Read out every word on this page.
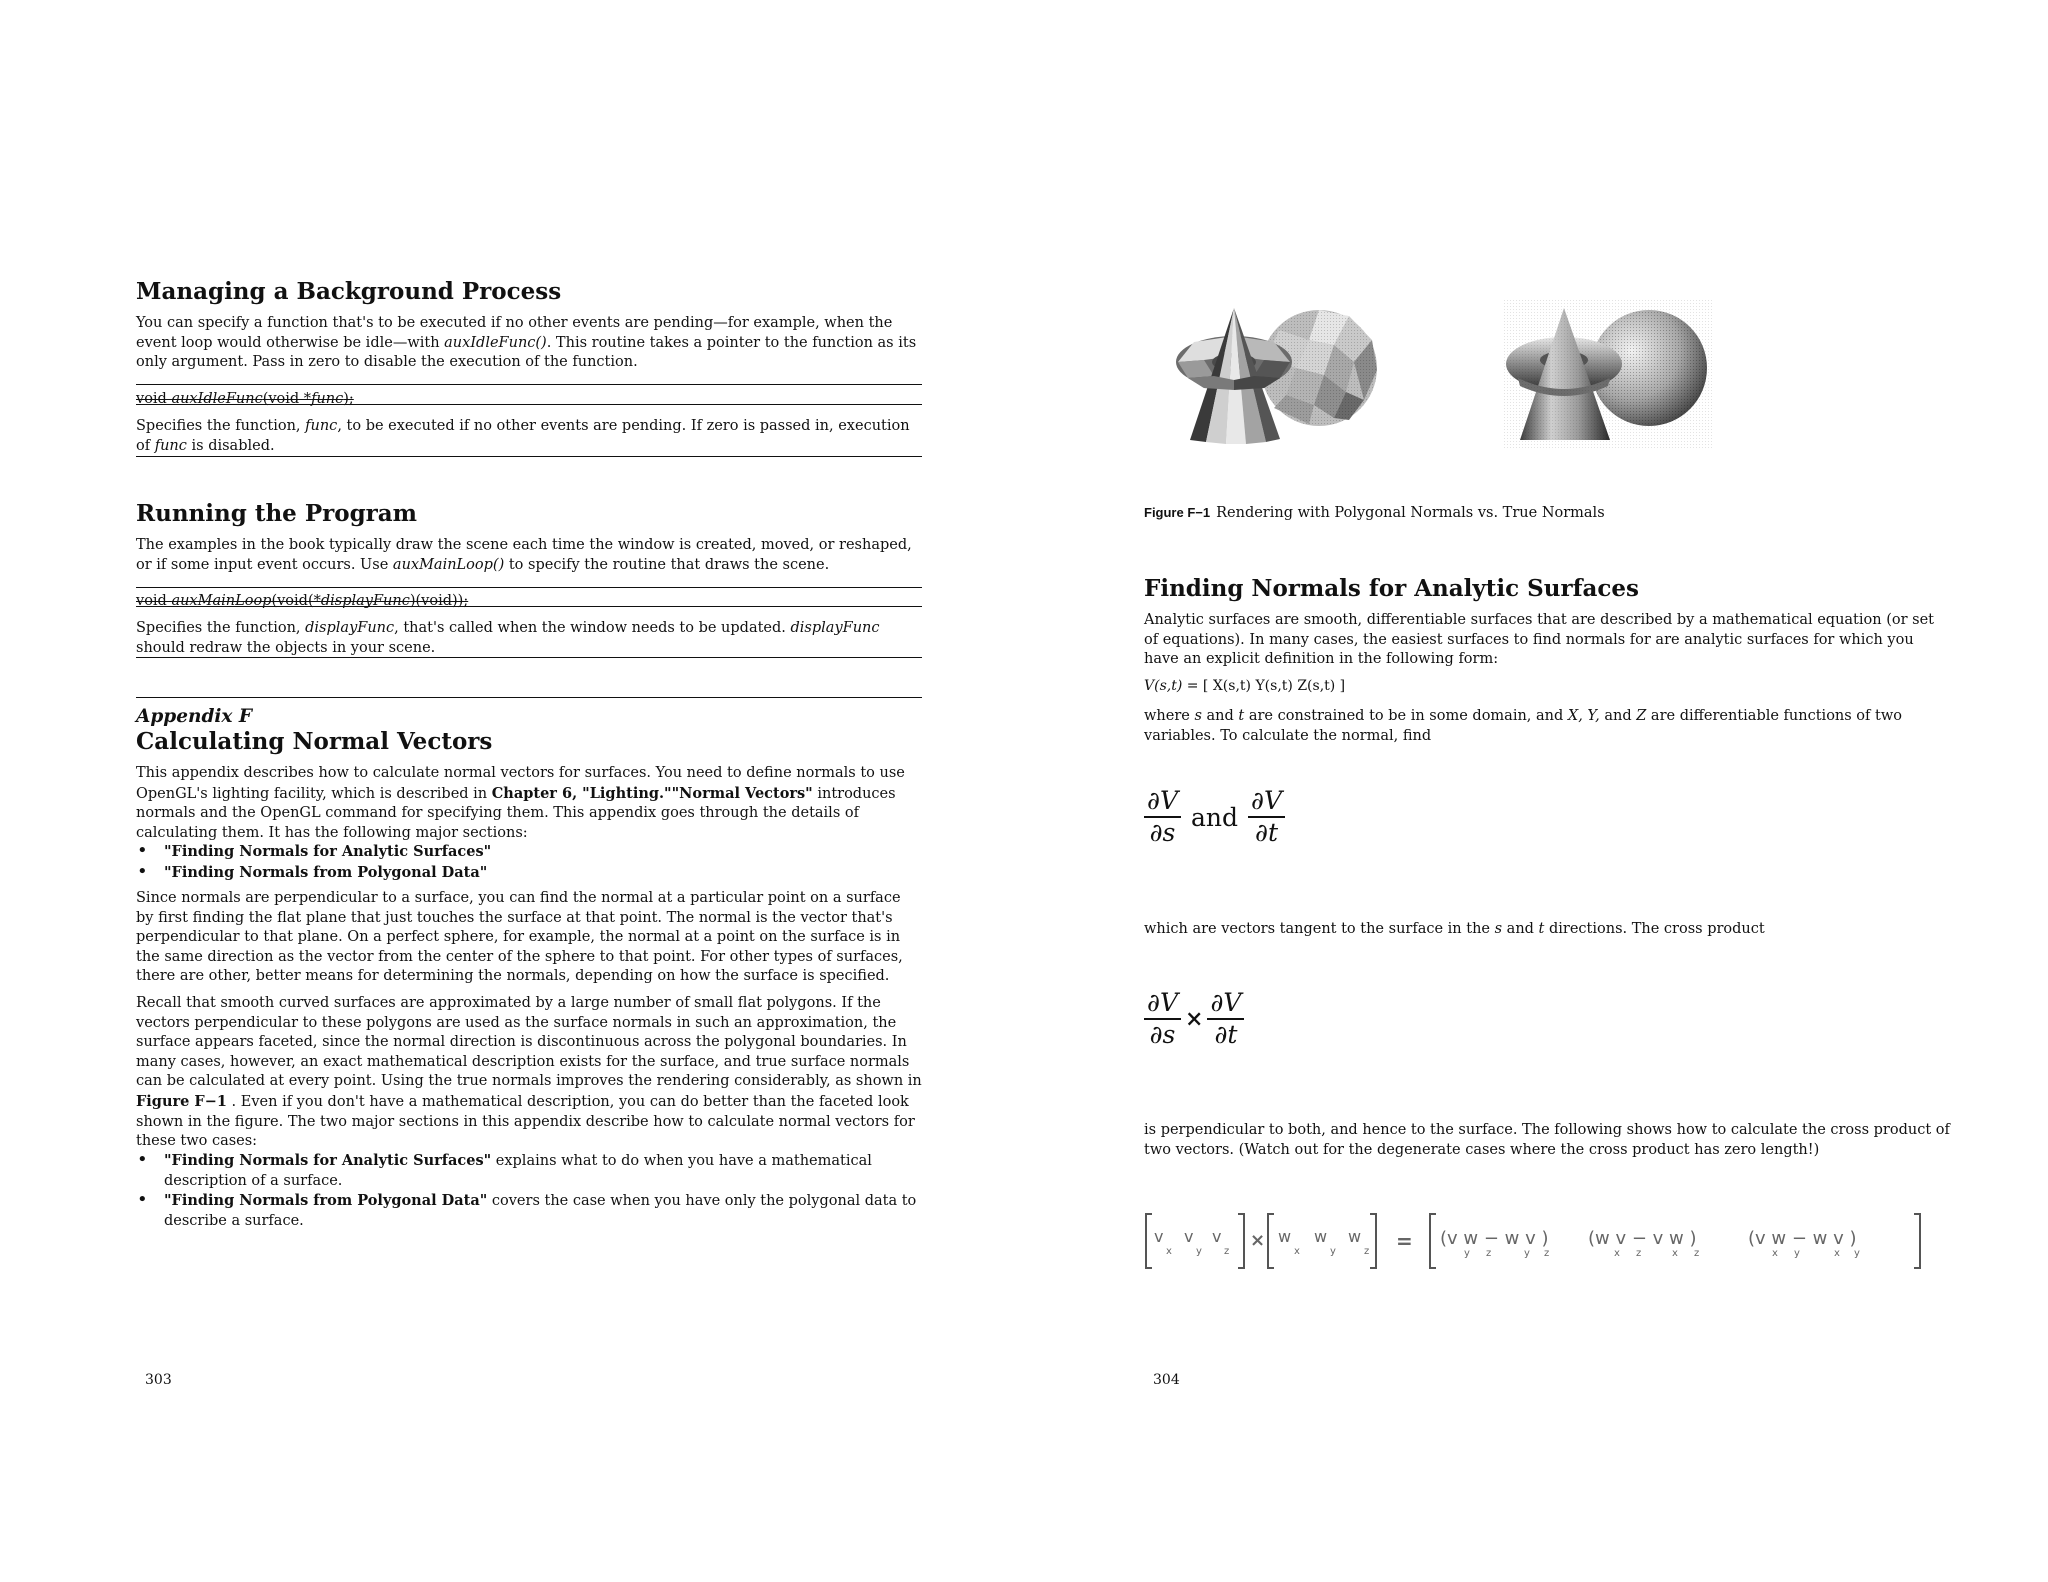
Managing a Background Process

You can specify a function that's to be executed if no other events are pending—for example, when the event loop would otherwise be idle—with auxIdleFunc(). This routine takes a pointer to the function as its only argument. Pass in zero to disable the execution of the function.

void auxIdleFunc(void *func);

Specifies the function, func, to be executed if no other events are pending. If zero is passed in, execution of func is disabled.

Running the Program

The examples in the book typically draw the scene each time the window is created, moved, or reshaped, or if some input event occurs. Use auxMainLoop() to specify the routine that draws the scene.

void auxMainLoop(void(*displayFunc)(void));

Specifies the function, displayFunc, that's called when the window needs to be updated. displayFunc should redraw the objects in your scene.

Appendix F
Calculating Normal Vectors

This appendix describes how to calculate normal vectors for surfaces. You need to define normals to use OpenGL's lighting facility, which is described in Chapter 6, "Lighting.""Normal Vectors" introduces normals and the OpenGL command for specifying them. This appendix goes through the details of calculating them. It has the following major sections:

• "Finding Normals for Analytic Surfaces"
• "Finding Normals from Polygonal Data"

Since normals are perpendicular to a surface, you can find the normal at a particular point on a surface by first finding the flat plane that just touches the surface at that point. The normal is the vector that's perpendicular to that plane. On a perfect sphere, for example, the normal at a point on the surface is in the same direction as the vector from the center of the sphere to that point. For other types of surfaces, there are other, better means for determining the normals, depending on how the surface is specified.

Recall that smooth curved surfaces are approximated by a large number of small flat polygons. If the vectors perpendicular to these polygons are used as the surface normals in such an approximation, the surface appears faceted, since the normal direction is discontinuous across the polygonal boundaries. In many cases, however, an exact mathematical description exists for the surface, and true surface normals can be calculated at every point. Using the true normals improves the rendering considerably, as shown in Figure F−1 . Even if you don't have a mathematical description, you can do better than the faceted look shown in the figure. The two major sections in this appendix describe how to calculate normal vectors for these two cases:

• "Finding Normals for Analytic Surfaces" explains what to do when you have a mathematical description of a surface.
• "Finding Normals from Polygonal Data" covers the case when you have only the polygonal data to describe a surface.
303
Figure F−1 Rendering with Polygonal Normals vs. True Normals
Finding Normals for Analytic Surfaces

Analytic surfaces are smooth, differentiable surfaces that are described by a mathematical equation (or set of equations). In many cases, the easiest surfaces to find normals for are analytic surfaces for which you have an explicit definition in the following form:

V(s,t) = [ X(s,t) Y(s,t) Z(s,t) ]

where s and t are constrained to be in some domain, and X, Y, and Z are differentiable functions of two variables. To calculate the normal, find

$\frac{\partial V}{\partial s}$ and $\frac{\partial V}{\partial t}$

which are vectors tangent to the surface in the s and t directions. The cross product

$\frac{\partial V}{\partial s} \times \frac{\partial V}{\partial t}$

is perpendicular to both, and hence to the surface. The following shows how to calculate the cross product of two vectors. (Watch out for the degenerate cases where the cross product has zero length!)

v
x
v
y
v
z
× w
x
w
y
w
z = (v w − w v )
y z	y z
(w v − v w )
x z	x z
(v w − w v )
x y	x y
304
